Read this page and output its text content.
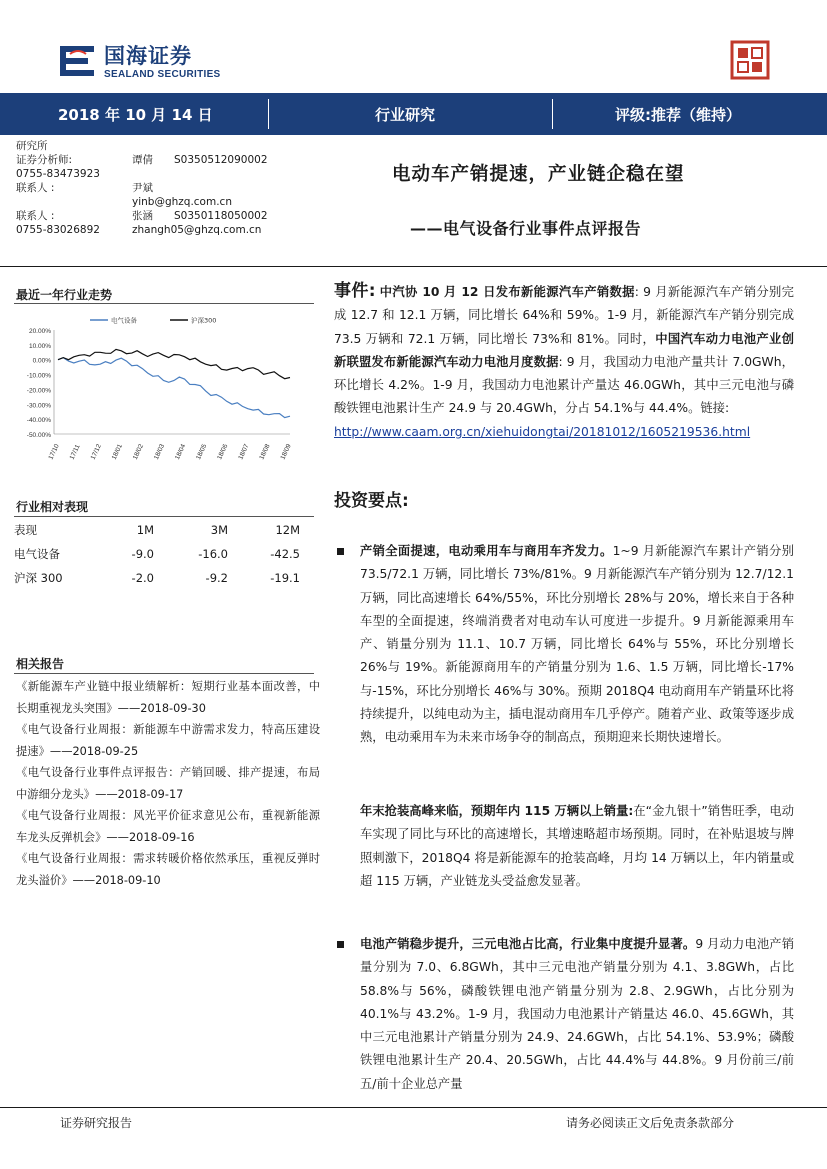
国海证券
SEALAND SECURITIES
2018 年 10 月 14 日	行业研究	评级:推荐（维持）
研究所
证券分析师:	谭倩 S0350512090002
0755-83473923
联系人 :	尹斌
yinb@ghzq.com.cn
联系人 :	张涵 S0350118050002
0755-83026892	zhangh05@ghzq.com.cn
电动车产销提速，产业链企稳在望
——电气设备行业事件点评报告
最近一年行业走势
20.00%
10.00%
0.00%
-10.00%
-20.00%
-30.00%
-40.00%
-50.00%
17/10 17/11 17/12 18/01 18/02 18/03 18/04 18/05 18/06 18/07 18/08 18/09
电气设备	沪深300
行业相对表现
表现	1M	3M	12M
电气设备	-9.0	-16.0	-42.5
沪深 300	-2.0	-9.2	-19.1
相关报告

《新能源车产业链中报业绩解析：短期行业基本面改善，中长期重视龙头突围》——2018-09-30

《电气设备行业周报：新能源车中游需求发力，特高压建设提速》——2018-09-25

《电气设备行业事件点评报告：产销回暖、排产提速，布局中游细分龙头》——2018-09-17

《电气设备行业周报：风光平价征求意见公布，重视新能源车龙头反弹机会》——2018-09-16

《电气设备行业周报：需求转暖价格依然承压，重视反弹时龙头溢价》——2018-09-10

事件: 中汽协 10 月 12 日发布新能源汽车产销数据: 9 月新能源汽车产销分别完成 12.7 和 12.1 万辆，同比增长 64%和 59%。1-9 月，新能源汽车产销分别完成 73.5 万辆和 72.1 万辆，同比增长 73%和 81%。同时，中国汽车动力电池产业创新联盟发布新能源汽车动力电池月度数据: 9 月，我国动力电池产量共计 7.0GWh，环比增长 4.2%。1-9 月，我国动力电池累计产量达 46.0GWh，其中三元电池与磷酸铁锂电池累计生产 24.9 与 20.4GWh，分占 54.1%与 44.4%。链接:
http://www.caam.org.cn/xiehuidongtai/20181012/1605219536.html
投资要点:
产销全面提速，电动乘用车与商用车齐发力。1~9 月新能源汽车累计产销分别 73.5/72.1 万辆，同比增长 73%/81%。9 月新能源汽车产销分别为 12.7/12.1 万辆，同比高速增长 64%/55%，环比分别增长 28%与 20%，增长来自于各种车型的全面提速，终端消费者对电动车认可度进一步提升。9 月新能源乘用车产、销量分别为 11.1、10.7 万辆，同比增长 64%与 55%，环比分别增长 26%与 19%。新能源商用车的产销量分别为 1.6、1.5 万辆，同比增长-17%与-15%，环比分别增长 46%与 30%。预期 2018Q4 电动商用车产销量环比将持续提升，以纯电动为主，插电混动商用车几乎停产。随着产业、政策等逐步成熟，电动乘用车为未来市场争夺的制高点，预期迎来长期快速增长。
年末抢装高峰来临，预期年内 115 万辆以上销量:在“金九银十”销售旺季，电动车实现了同比与环比的高速增长，其增速略超市场预期。同时，在补贴退坡与牌照刺激下，2018Q4 将是新能源车的抢装高峰，月均 14 万辆以上，年内销量或超 115 万辆，产业链龙头受益愈发显著。
电池产销稳步提升，三元电池占比高，行业集中度提升显著。9 月动力电池产销量分别为 7.0、6.8GWh，其中三元电池产销量分别为 4.1、3.8GWh，占比 58.8%与 56%，磷酸铁锂电池产销量分别为 2.8、2.9GWh，占比分别为 40.1%与 43.2%。1-9 月，我国动力电池累计产销量达 46.0、45.6GWh，其中三元电池累计产销量分别为 24.9、24.6GWh，占比 54.1%、53.9%；磷酸铁锂电池累计生产 20.4、20.5GWh，占比 44.4%与 44.8%。9 月份前三/前五/前十企业总产量
证券研究报告	请务必阅读正文后免责条款部分
